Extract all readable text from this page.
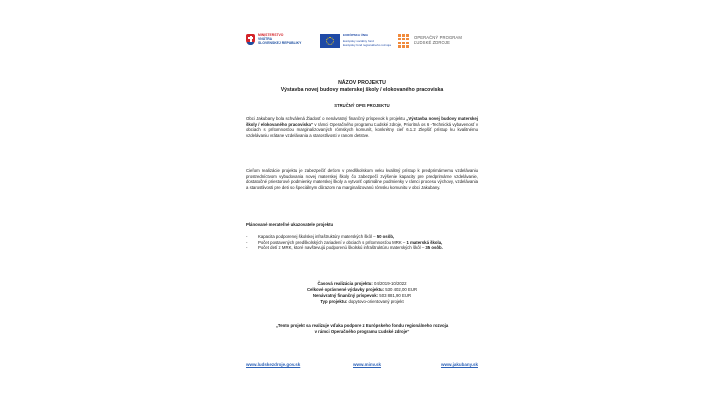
MINISTERSTVO
VNÚTRA
SLOVENSKEJ REPUBLIKY
EURÓPSKA ÚNIA
Európsky sociálny fond
Európsky fond regionálneho rozvoja
OPERAČNÝ PROGRAM
ĽUDSKÉ ZDROJE
NÁZOV PROJEKTU
Výstavba novej budovy materskej školy / elokovaného pracoviska
STRUČNÝ OPIS PROJEKTU
Obci Jakubany bola schválená Žiadosť o nenávratný finančný príspevok k projektu „Výstavba novej budovy materskej školy / elokovaného pracoviska“ v rámci Operačného programu Ľudské zdroje, Prioritná os 6 -Technická vybavenosť v obciach s prítomnosťou marginalizovaných rómskych komunít, konkrétny cieľ 6.1.2 Zlepšiť prístup ku kvalitnému vzdelávaniu vrátane vzdelávania a starostlivosti v ranom detstve.
Cieľom realizácie projektu je zabezpečiť deťom v predškolskom veku kvalitný prístup k predprimárnemu vzdelávaniu prostredníctvom vybudovania novej materskej školy čo zabezpečí zvýšenie kapacity pre predprimárne vzdelávanie, dostatočné priestorové podmienky materskej školy a vytvoriť optimálne podmienky v rámci procesu výchovy, vzdelávania a starostlivosti pre deti so špeciálnym dôrazom na marginalizovanú rómsku komunitu v obci Jakubany.
Plánované merateľné ukazovatele projektu
- Kapacita podporenej školskej infraštruktúry materských škôl – 50 osôb,
- Počet postavených predškolských zariadení v obciach s prítomnosťou MRK – 1 materská škola,
- Počet detí z MRK, ktoré navštevujú podporenú školskú infraštruktúru materských škôl – 35 osôb.
Časová realizácia projektu: 04/2019-10/2022
Celkové oprávnené výdavky projektu: 530 402,00 EUR
Nenávratný finančný príspevok: 503 881,90 EUR
Typ projektu: dopytovo-orientovaný projekt
„Tento projekt sa realizuje vďaka podpore z Európskeho fondu regionálneho rozvoja
v rámci Operačného programu Ľudské zdroje“
www.ludskezdroje.gov.sk	www.minv.sk	www.jakubany.sk
